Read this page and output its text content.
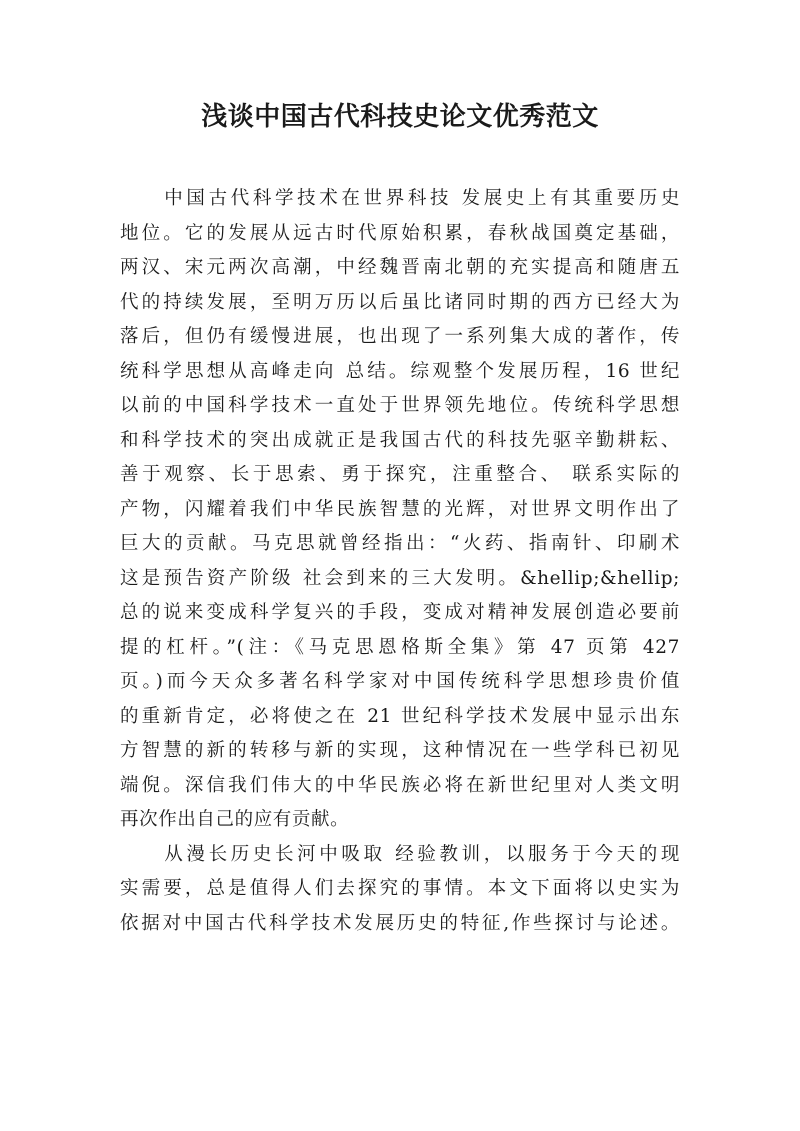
浅谈中国古代科技史论文优秀范文
　　中国古代科学技术在世界科技 发展史上有其重要历史
地位。它的发展从远古时代原始积累，春秋战国奠定基础，
两汉、宋元两次高潮，中经魏晋南北朝的充实提高和随唐五
代的持续发展，至明万历以后虽比诸同时期的西方已经大为
落后，但仍有缓慢进展，也出现了一系列集大成的著作，传
统科学思想从高峰走向 总结。综观整个发展历程，16 世纪
以前的中国科学技术一直处于世界领先地位。传统科学思想
和科学技术的突出成就正是我国古代的科技先驱辛勤耕耘、
善于观察、长于思索、勇于探究，注重整合、 联系实际的
产物，闪耀着我们中华民族智慧的光辉，对世界文明作出了
巨大的贡献。马克思就曾经指出：“火药、指南针、印刷术
这是预告资产阶级 社会到来的三大发明。&hellip;&hellip;
总的说来变成科学复兴的手段，变成对精神发展创造必要前
提的杠杆。”(注：《马克思恩格斯全集》第 47 页第 427
页。)而今天众多著名科学家对中国传统科学思想珍贵价值
的重新肯定，必将使之在 21 世纪科学技术发展中显示出东
方智慧的新的转移与新的实现，这种情况在一些学科已初见
端倪。深信我们伟大的中华民族必将在新世纪里对人类文明
再次作出自己的应有贡献。
　　从漫长历史长河中吸取 经验教训，以服务于今天的现
实需要，总是值得人们去探究的事情。本文下面将以史实为
依据对中国古代科学技术发展历史的特征,作些探讨与论述。
